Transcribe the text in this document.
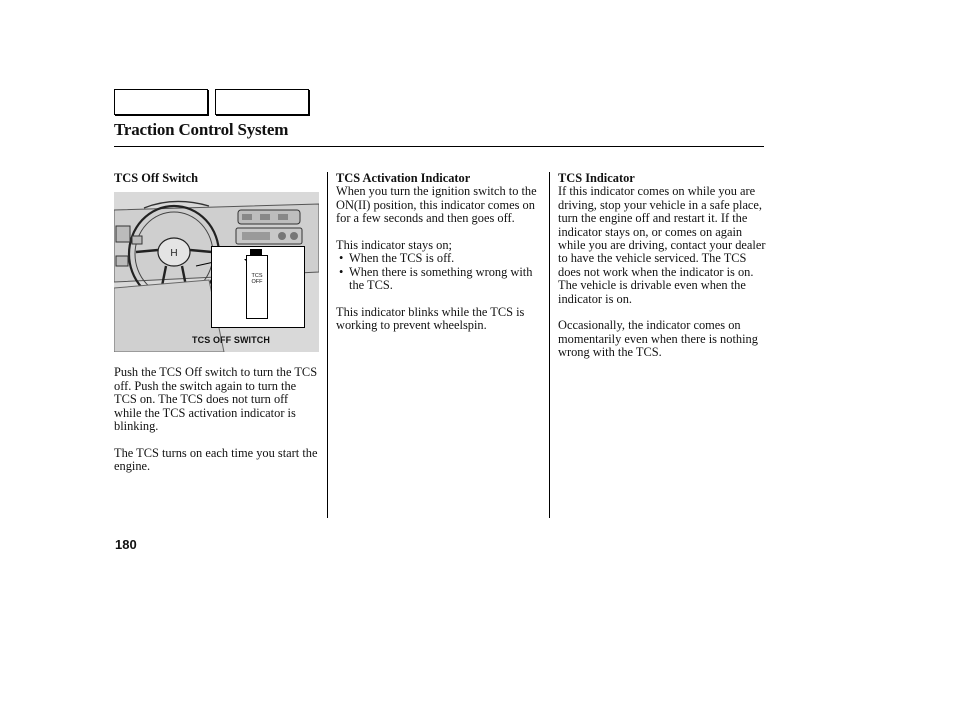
Traction Control System
TCS Off Switch
H
TCS
OFF
TCS OFF SWITCH

Push the TCS Off switch to turn the TCS off. Push the switch again to turn the TCS on. The TCS does not turn off while the TCS activation indicator is blinking.

The TCS turns on each time you start the engine.

TCS Activation Indicator

When you turn the ignition switch to the ON(II) position, this indicator comes on for a few seconds and then goes off.

This indicator stays on;

• When the TCS is off.
• When there is something wrong with the TCS.

This indicator blinks while the TCS is working to prevent wheelspin.

TCS Indicator

If this indicator comes on while you are driving, stop your vehicle in a safe place, turn the engine off and restart it. If the indicator stays on, or comes on again while you are driving, contact your dealer to have the vehicle serviced. The TCS does not work when the indicator is on. The vehicle is drivable even when the indicator is on.

Occasionally, the indicator comes on momentarily even when there is nothing wrong with the TCS.

180
